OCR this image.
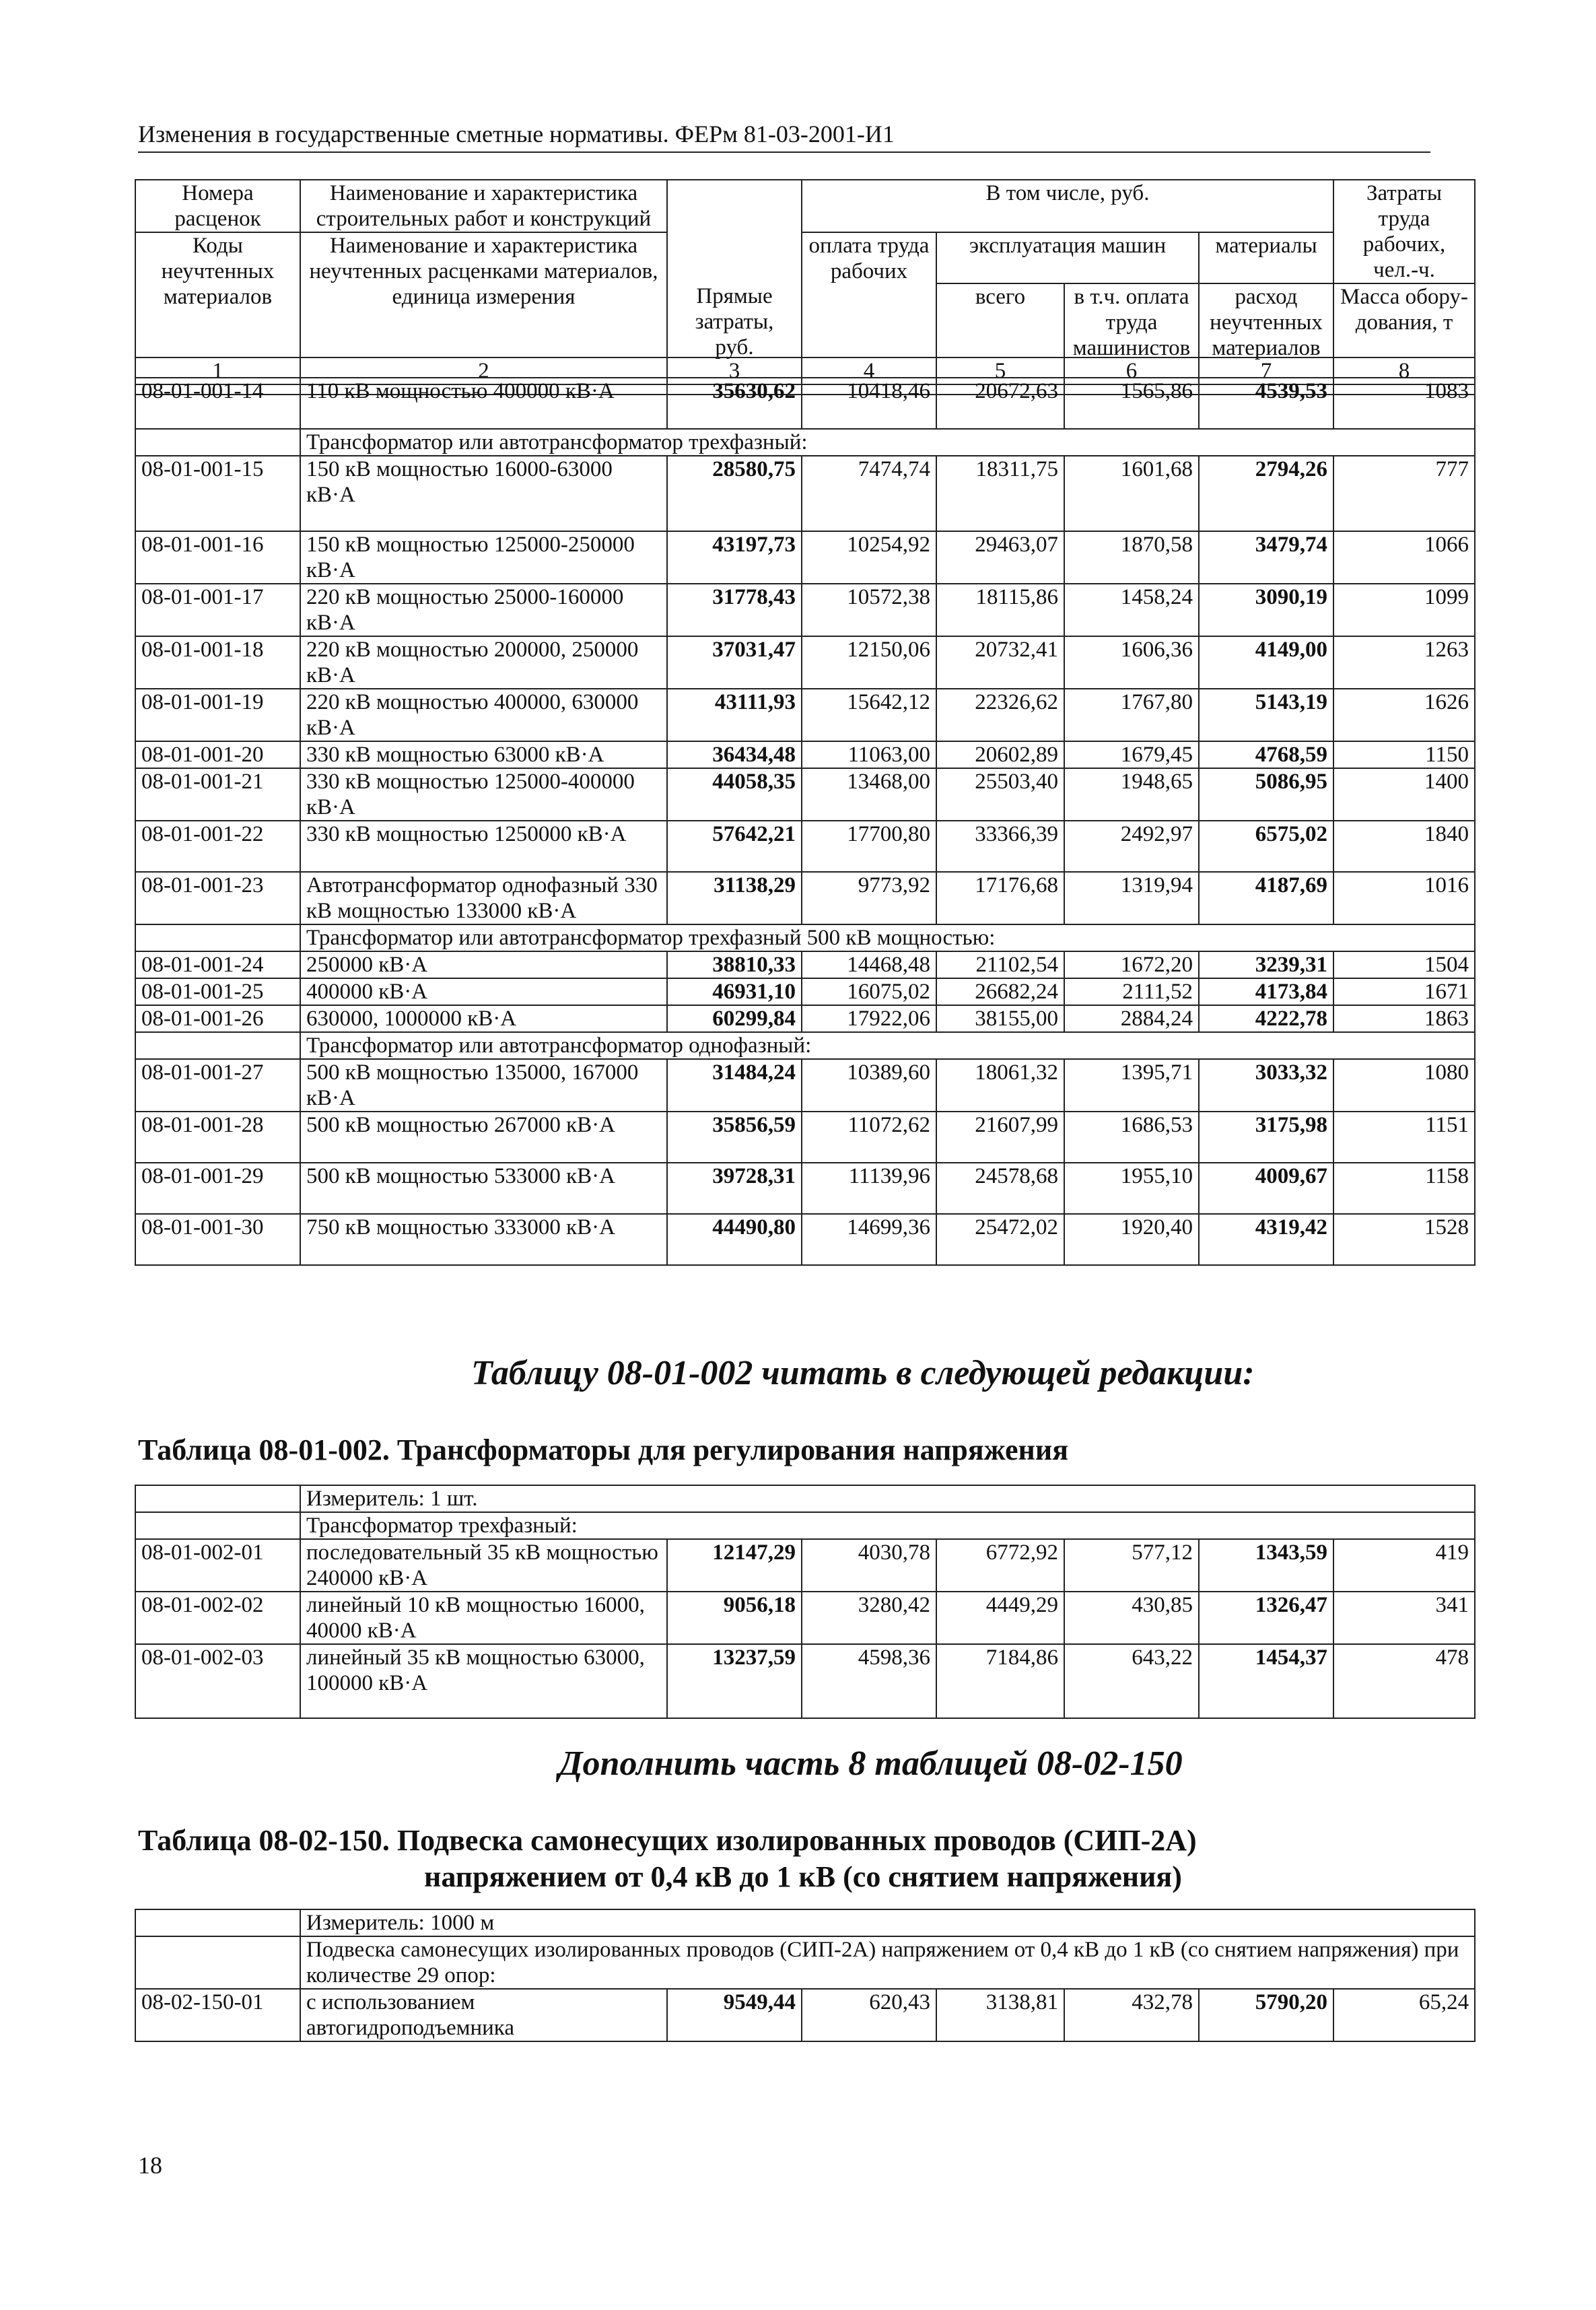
Изменения в государственные сметные нормативы. ФЕРм 81-03-2001-И1
Номера расценок	Наименование и характеристика строительных работ и конструкций		В том числе, руб.				Затраты труда рабочих, чел.-ч.
Коды неучтенных материалов	Наименование и характеристика неучтенных расценками материалов, единица измерения		оплата труда рабочих	эксплуатация машин		материалы	
		Прямые затраты, руб.		всего	в т.ч. оплата труда машинистов	расход неучтенных материалов	Масса обору-дования, т
1	2	3	4	5	6	7	8
08-01-001-14	110 кВ мощностью 400000 кВ·А	35630,62	10418,46	20672,63	1565,86	4539,53	1083
	Трансформатор или автотрансформатор трехфазный:						
08-01-001-15	150 кВ мощностью 16000-63000 кВ·А	28580,75	7474,74	18311,75	1601,68	2794,26	777
08-01-001-16	150 кВ мощностью 125000-250000 кВ·А	43197,73	10254,92	29463,07	1870,58	3479,74	1066
08-01-001-17	220 кВ мощностью 25000-160000 кВ·А	31778,43	10572,38	18115,86	1458,24	3090,19	1099
08-01-001-18	220 кВ мощностью 200000, 250000 кВ·А	37031,47	12150,06	20732,41	1606,36	4149,00	1263
08-01-001-19	220 кВ мощностью 400000, 630000 кВ·А	43111,93	15642,12	22326,62	1767,80	5143,19	1626
08-01-001-20	330 кВ мощностью 63000 кВ·А	36434,48	11063,00	20602,89	1679,45	4768,59	1150
08-01-001-21	330 кВ мощностью 125000-400000 кВ·А	44058,35	13468,00	25503,40	1948,65	5086,95	1400
08-01-001-22	330 кВ мощностью 1250000 кВ·А	57642,21	17700,80	33366,39	2492,97	6575,02	1840
08-01-001-23	Автотрансформатор однофазный 330 кВ мощностью 133000 кВ·А	31138,29	9773,92	17176,68	1319,94	4187,69	1016
	Трансформатор или автотрансформатор трехфазный 500 кВ мощностью:						
08-01-001-24	250000 кВ·А	38810,33	14468,48	21102,54	1672,20	3239,31	1504
08-01-001-25	400000 кВ·А	46931,10	16075,02	26682,24	2111,52	4173,84	1671
08-01-001-26	630000, 1000000 кВ·А	60299,84	17922,06	38155,00	2884,24	4222,78	1863
	Трансформатор или автотрансформатор однофазный:						
08-01-001-27	500 кВ мощностью 135000, 167000 кВ·А	31484,24	10389,60	18061,32	1395,71	3033,32	1080
08-01-001-28	500 кВ мощностью 267000 кВ·А	35856,59	11072,62	21607,99	1686,53	3175,98	1151
08-01-001-29	500 кВ мощностью 533000 кВ·А	39728,31	11139,96	24578,68	1955,10	4009,67	1158
08-01-001-30	750 кВ мощностью 333000 кВ·А	44490,80	14699,36	25472,02	1920,40	4319,42	1528
Таблицу 08-01-002 читать в следующей редакции:
Таблица 08-01-002. Трансформаторы для регулирования напряжения
	Измеритель: 1 шт.						
	Трансформатор трехфазный:						
08-01-002-01	последовательный 35 кВ мощностью 240000 кВ·А	12147,29	4030,78	6772,92	577,12	1343,59	419
08-01-002-02	линейный 10 кВ мощностью 16000, 40000 кВ·А	9056,18	3280,42	4449,29	430,85	1326,47	341
08-01-002-03	линейный 35 кВ мощностью 63000, 100000 кВ·А	13237,59	4598,36	7184,86	643,22	1454,37	478
Дополнить часть 8 таблицей 08-02-150
Таблица 08-02-150. Подвеска самонесущих изолированных проводов (СИП-2А)
напряжением от 0,4 кВ до 1 кВ (со снятием напряжения)
	Измеритель: 1000 м						
	Подвеска самонесущих изолированных проводов (СИП-2А) напряжением от 0,4 кВ до 1 кВ (со снятием напряжения) при количестве 29 опор:						
08-02-150-01	с использованием автогидроподъемника	9549,44	620,43	3138,81	432,78	5790,20	65,24
18
